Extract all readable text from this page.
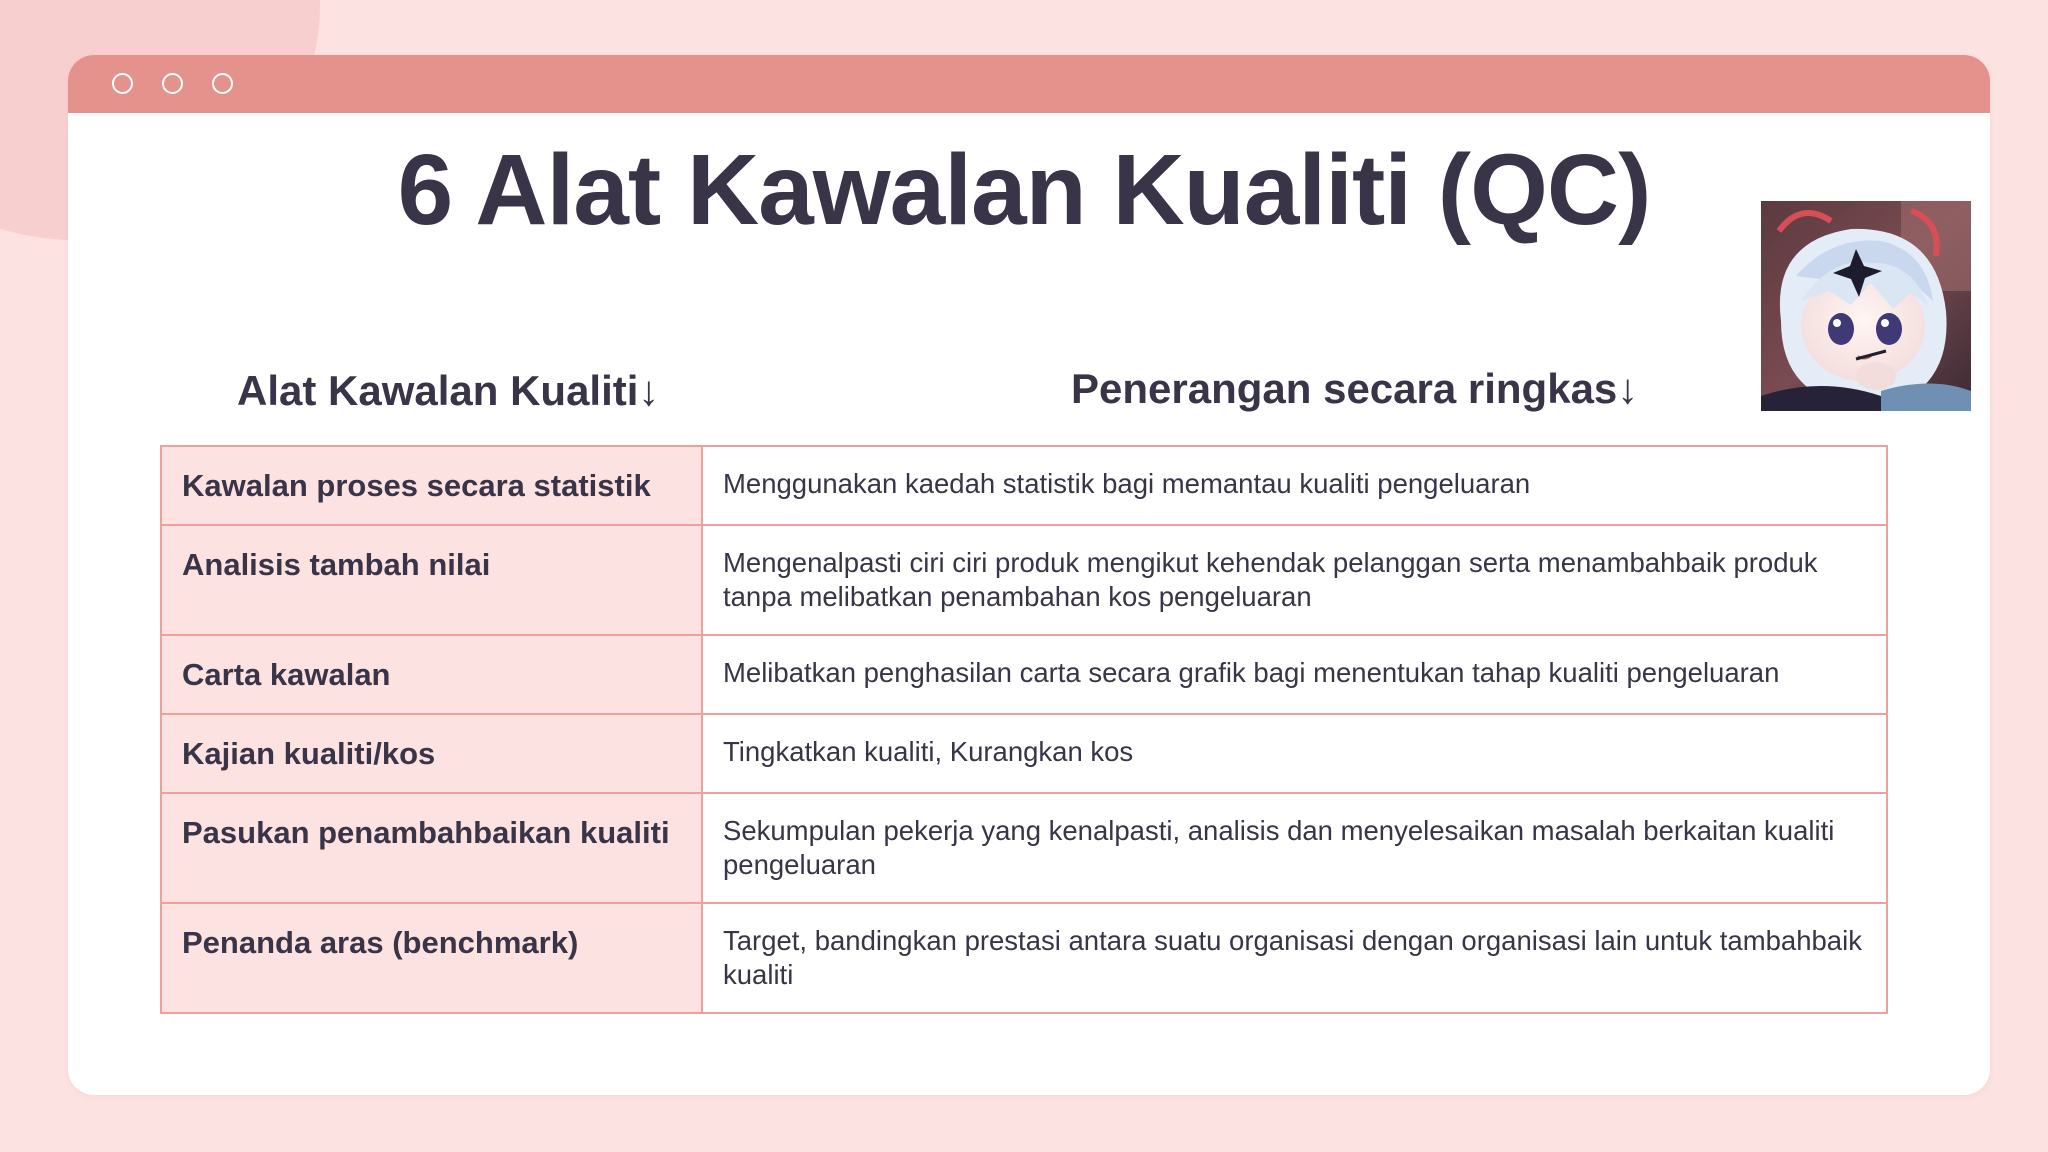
6 Alat Kawalan Kualiti (QC)
Alat Kawalan Kualiti↓	Penerangan secara ringkas↓
Kawalan proses secara statistik	Menggunakan kaedah statistik bagi memantau kualiti pengeluaran
Analisis tambah nilai	Mengenalpasti ciri ciri produk mengikut kehendak pelanggan serta menambahbaik produk tanpa melibatkan penambahan kos pengeluaran
Carta kawalan	Melibatkan penghasilan carta secara grafik bagi menentukan tahap kualiti pengeluaran
Kajian kualiti/kos	Tingkatkan kualiti, Kurangkan kos
Pasukan penambahbaikan kualiti	Sekumpulan pekerja yang kenalpasti, analisis dan menyelesaikan masalah berkaitan kualiti pengeluaran
Penanda aras (benchmark)	Target, bandingkan prestasi antara suatu organisasi dengan organisasi lain untuk tambahbaik kualiti
